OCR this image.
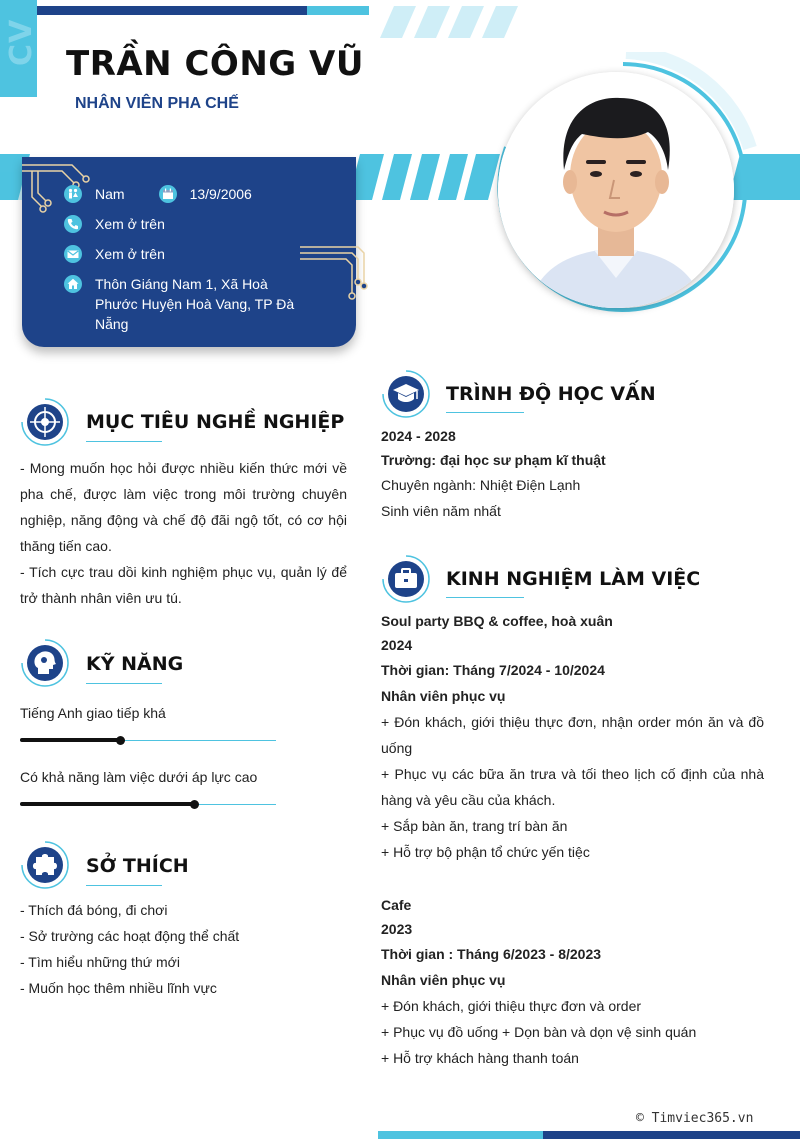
CV TRẦN CÔNG VŨ
NHÂN VIÊN PHA CHẾ
Nam	13/9/2006
Xem ở trên
Xem ở trên
Thôn Giáng Nam 1, Xã Hoà
Phước Huyện Hoà Vang, TP Đà
Nẵng
MỤC TIÊU NGHỀ NGHIỆP
- Mong muốn học hỏi được nhiều kiến thức mới về pha chế, được làm việc trong môi trường chuyên nghiệp, năng động và chế độ đãi ngộ tốt, có cơ hội thăng tiến cao.
- Tích cực trau dồi kinh nghiệm phục vụ, quản lý để trở thành nhân viên ưu tú.
KỸ NĂNG
Tiếng Anh giao tiếp khá
Có khả năng làm việc dưới áp lực cao
SỞ THÍCH
- Thích đá bóng, đi chơi
- Sở trường các hoạt động thể chất
- Tìm hiểu những thứ mới
- Muốn học thêm nhiều lĩnh vực
TRÌNH ĐỘ HỌC VẤN
2024 - 2028
Trường: đại học sư phạm kĩ thuật
Chuyên ngành: Nhiệt Điện Lạnh
Sinh viên năm nhất
KINH NGHIỆM LÀM VIỆC
Soul party BBQ & coffee, hoà xuân
2024
Thời gian: Tháng 7/2024 - 10/2024
Nhân viên phục vụ
+ Đón khách, giới thiệu thực đơn, nhận order món ăn và đồ uống
+ Phục vụ các bữa ăn trưa và tối theo lịch cố định của nhà hàng và yêu cầu của khách.
+ Sắp bàn ăn, trang trí bàn ăn
+ Hỗ trợ bộ phận tổ chức yến tiệc
Cafe
2023
Thời gian : Tháng 6/2023 - 8/2023
Nhân viên phục vụ
+ Đón khách, giới thiệu thực đơn và order
+ Phục vụ đồ uống + Dọn bàn và dọn vệ sinh quán
+ Hỗ trợ khách hàng thanh toán
© Timviec365.vn
